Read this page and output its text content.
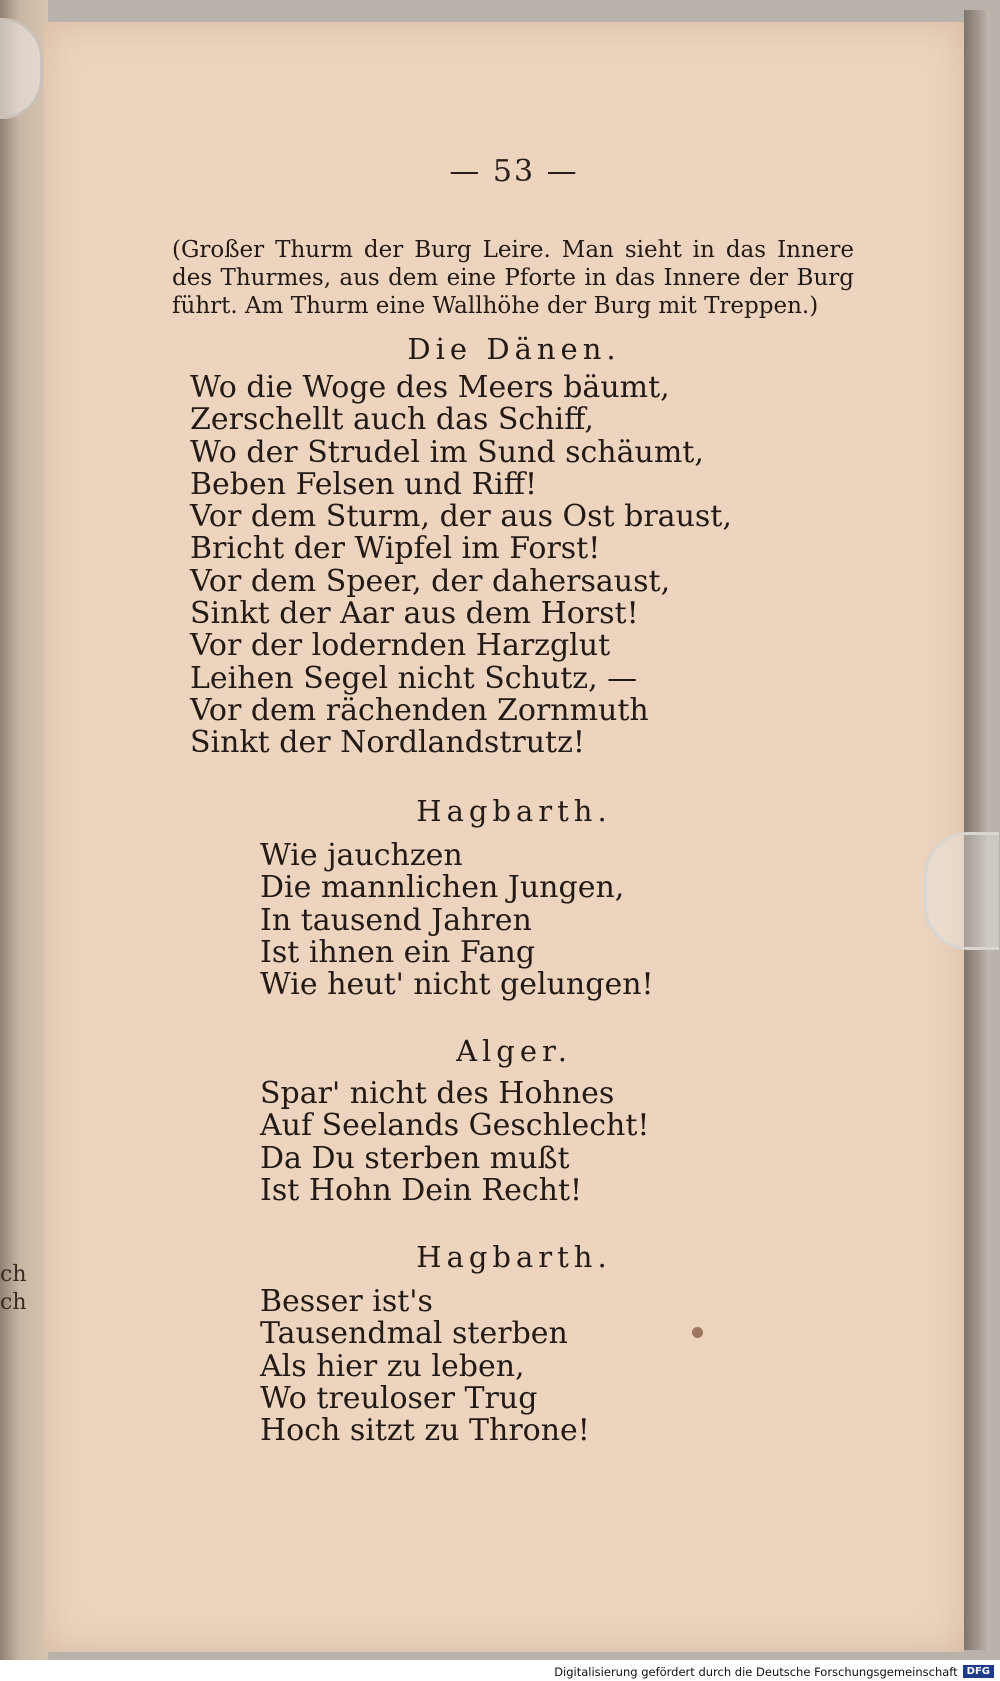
— 53 —
(Großer Thurm der Burg Leire. Man sieht in das Innere
des Thurmes, aus dem eine Pforte in das Innere der Burg
führt. Am Thurm eine Wallhöhe der Burg mit Treppen.)
Die Dänen.
Wo die Woge des Meers bäumt,
Zerschellt auch das Schiff,
Wo der Strudel im Sund schäumt,
Beben Felsen und Riff!
Vor dem Sturm, der aus Ost braust,
Bricht der Wipfel im Forst!
Vor dem Speer, der dahersaust,
Sinkt der Aar aus dem Horst!
Vor der lodernden Harzglut
Leihen Segel nicht Schutz, —
Vor dem rächenden Zornmuth
Sinkt der Nordlandstrutz!
Hagbarth.
Wie jauchzen
Die mannlichen Jungen,
In tausend Jahren
Ist ihnen ein Fang
Wie heut' nicht gelungen!
Alger.
Spar' nicht des Hohnes
Auf Seelands Geschlecht!
Da Du sterben mußt
Ist Hohn Dein Recht!
Hagbarth.
Besser ist's
Tausendmal sterben
Als hier zu leben,
Wo treuloser Trug
Hoch sitzt zu Throne!
ch
ch
Digitalisierung gefördert durch die Deutsche Forschungsgemeinschaft DFG
